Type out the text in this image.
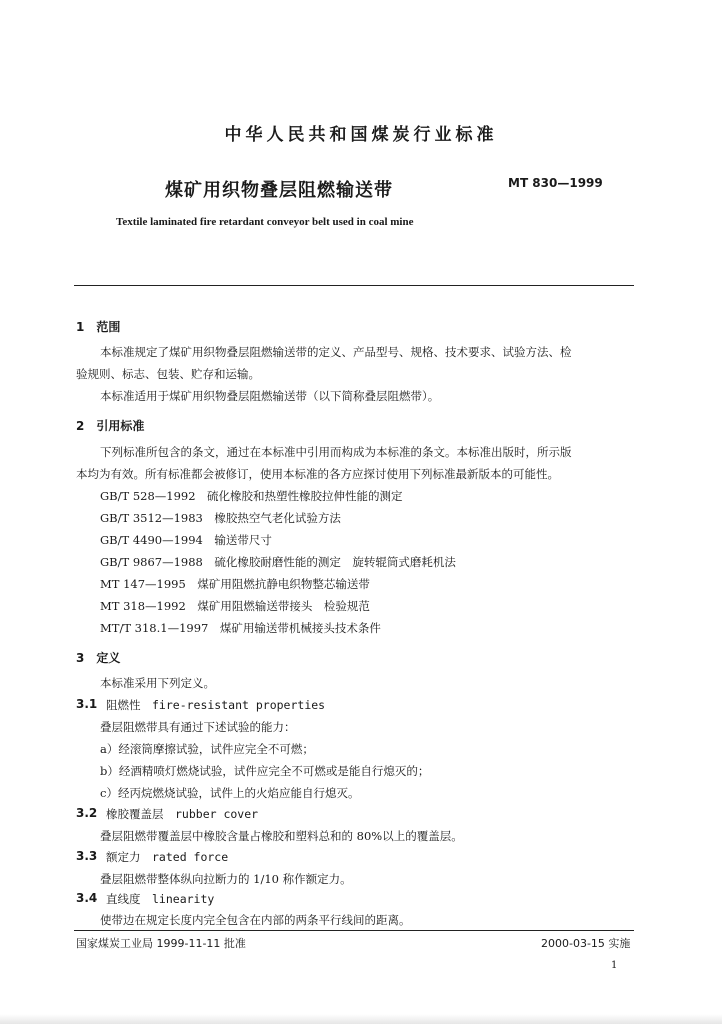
中华人民共和国煤炭行业标准
煤矿用织物叠层阻燃输送带	MT 830—1999
Textile laminated fire retardant conveyor belt used in coal mine
1　范围
本标准规定了煤矿用织物叠层阻燃输送带的定义、产品型号、规格、技术要求、试验方法、检
验规则、标志、包装、贮存和运输。
本标准适用于煤矿用织物叠层阻燃输送带（以下简称叠层阻燃带）。
2　引用标准
下列标准所包含的条文，通过在本标准中引用而构成为本标准的条文。本标准出版时，所示版
本均为有效。所有标准都会被修订，使用本标准的各方应探讨使用下列标准最新版本的可能性。
GB/T 528—1992　硫化橡胶和热塑性橡胶拉伸性能的测定
GB/T 3512—1983　橡胶热空气老化试验方法
GB/T 4490—1994　输送带尺寸
GB/T 9867—1988　硫化橡胶耐磨性能的测定　旋转辊筒式磨耗机法
MT 147—1995　煤矿用阻燃抗静电织物整芯输送带
MT 318—1992　煤矿用阻燃输送带接头　检验规范
MT/T 318.1—1997　煤矿用输送带机械接头技术条件
3　定义
本标准采用下列定义。
3.1 阻燃性　fire-resistant properties
叠层阻燃带具有通过下述试验的能力：
a）经滚筒摩擦试验，试件应完全不可燃；
b）经酒精喷灯燃烧试验，试件应完全不可燃或是能自行熄灭的；
c）经丙烷燃烧试验，试件上的火焰应能自行熄灭。
3.2 橡胶覆盖层　rubber cover
叠层阻燃带覆盖层中橡胶含量占橡胶和塑料总和的 80%以上的覆盖层。
3.3 额定力　rated force
叠层阻燃带整体纵向拉断力的 1/10 称作额定力。
3.4 直线度　linearity
使带边在规定长度内完全包含在内部的两条平行线间的距离。
国家煤炭工业局 1999-11-11 批准	2000-03-15 实施
1
